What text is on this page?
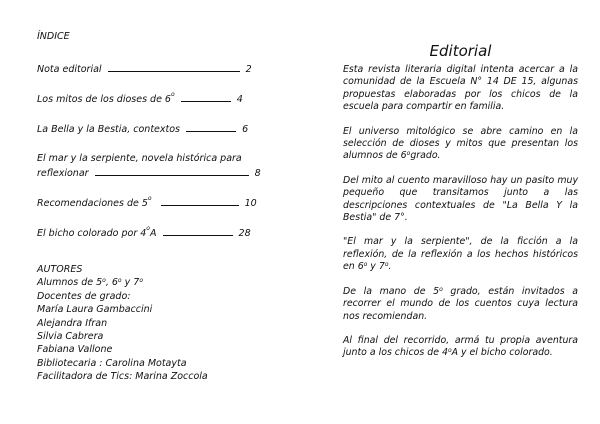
ÍNDICE
Nota editorial	2
Los mitos de los dioses de 6$^o$	4
La Bella y la Bestia, contextos	6
El mar y la serpiente, novela histórica para
reflexionar	8
Recomendaciones de 5$^o$	10
El bicho colorado por 4$^o$A	28
AUTORES
Alumnos de 5$^o$, 6$^o$ y 7$^o$
Docentes de grado:
María Laura Gambaccini
Alejandra Ifran
Silvia Cabrera
Fabiana Vallone
Bibliotecaria : Carolina Motayta
Facilitadora de Tics: Marina Zoccola
Editorial

Esta revista literaria digital intenta acercar a la comunidad de la Escuela N° 14 DE 15, algunas propuestas elaboradas por los chicos de la escuela para compartir en familia.

El universo mitológico se abre camino en la selección de dioses y mitos que presentan los alumnos de 6$^o$grado.

Del mito al cuento maravilloso hay un pasito muy pequeño que transitamos junto a las descripciones contextuales de "La Bella Y la Bestia" de 7°.

"El mar y la serpiente", de la ficción a la reflexión, de la reflexión a los hechos históricos en 6$^o$ y 7$^o$.

De la mano de 5$^o$ grado, están invitados a recorrer el mundo de los cuentos cuya lectura nos recomiendan.

Al final del recorrido, armá tu propia aventura junto a los chicos de 4$^o$A y el bicho colorado.
